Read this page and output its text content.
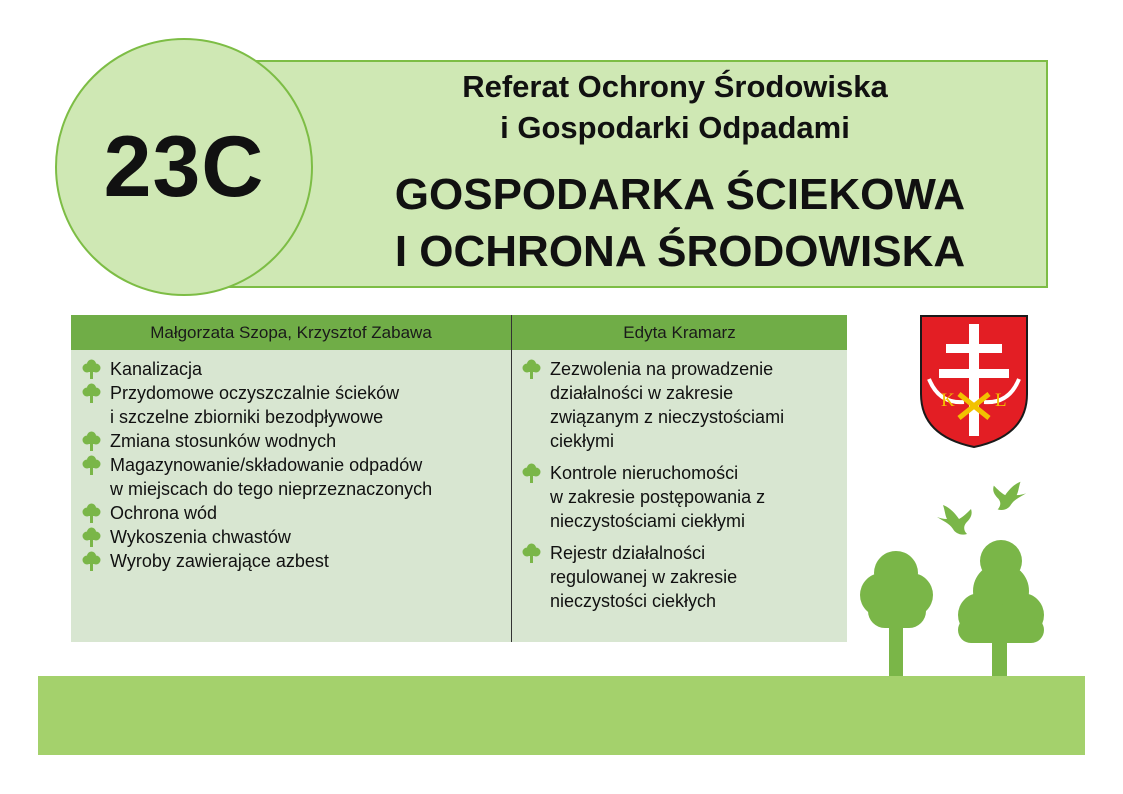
23C
Referat Ochrony Środowiska
i Gospodarki Odpadami
GOSPODARKA ŚCIEKOWA
I OCHRONA ŚRODOWISKA
Małgorzata Szopa, Krzysztof Zabawa	Edyta Kramarz
Kanalizacja
Przydomowe oczyszczalnie ścieków
i szczelne zbiorniki bezodpływowe
Zmiana stosunków wodnych
Magazynowanie/składowanie odpadów
w miejscach do tego nieprzeznaczonych
Ochrona wód
Wykoszenia chwastów
Wyroby zawierające azbest
Zezwolenia na prowadzenie
działalności w zakresie
związanym z nieczystościami
ciekłymi
Kontrole nieruchomości
w zakresie postępowania z
nieczystościami ciekłymi
Rejestr działalności
regulowanej w zakresie
nieczystości ciekłych
K L
